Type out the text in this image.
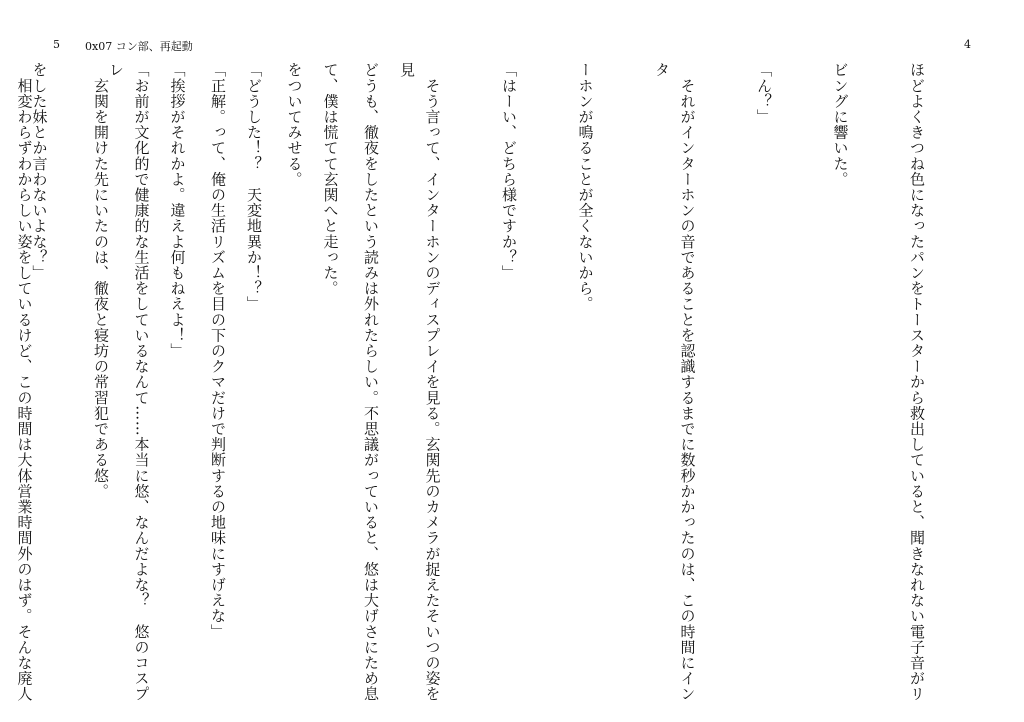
5 0x07 コン部、再起動

どうも、徹夜をしたという読みは外れたらしい。不思議がっていると、悠は大げさにため息

をついてみせる。

「正解。って、俺の生活リズムを目の下のクマだけで判断するの地味にすげえな」

「お前が文化的で健康的な生活をしているなんて……本当に悠、なんだよな？　悠のコスプレ

をした妹とか言わないよな？」

4

ほどよくきつね色になったパンをトースターから救出していると、聞きなれない電子音がリ

ビングに響いた。

「ん？」

　それがインターホンの音であることを認識するまでに数秒かかったのは、この時間にインタ

ーホンが鳴ることが全くないから。

「はーい、どちら様ですか？」

　そう言って、インターホンのディスプレイを見る。玄関先のカメラが捉えたそいつの姿を見

て、僕は慌てて玄関へと走った。

「どうした！？　天変地異か！？」

「挨拶がそれかよ。違えよ何もねえよ！」

　玄関を開けた先にいたのは、徹夜と寝坊の常習犯である悠。

　相変わらずわからしい姿をしているけど、この時間は大体営業時間外のはず。そんな廃人
